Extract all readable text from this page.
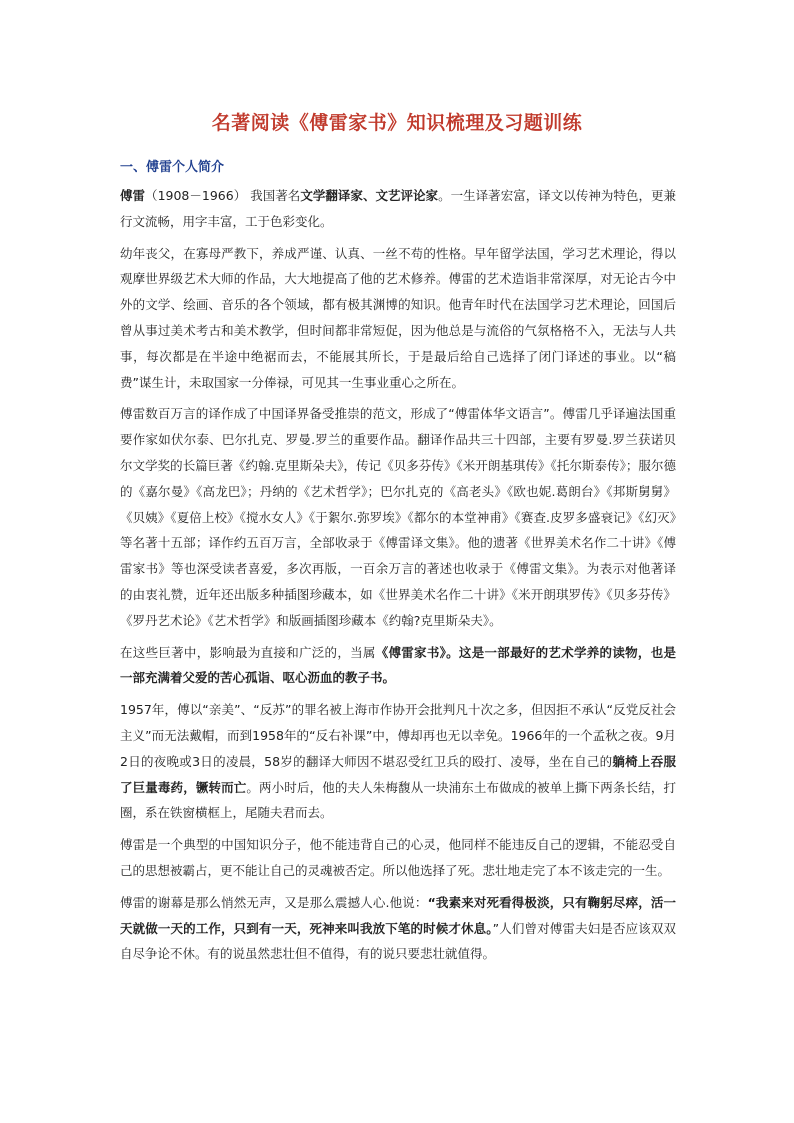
名著阅读《傅雷家书》知识梳理及习题训练
一、傅雷个人简介

傅雷（1908－1966） 我国著名文学翻译家、文艺评论家。一生译著宏富，译文以传神为特色，更兼行文流畅，用字丰富，工于色彩变化。

幼年丧父，在寡母严教下，养成严谨、认真、一丝不苟的性格。早年留学法国，学习艺术理论，得以观摩世界级艺术大师的作品，大大地提高了他的艺术修养。傅雷的艺术造诣非常深厚，对无论古今中外的文学、绘画、音乐的各个领域，都有极其渊博的知识。他青年时代在法国学习艺术理论，回国后曾从事过美术考古和美术教学，但时间都非常短促，因为他总是与流俗的气氛格格不入，无法与人共事，每次都是在半途中绝裾而去，不能展其所长，于是最后给自己选择了闭门译述的事业。以“稿费”谋生计，未取国家一分俸禄，可见其一生事业重心之所在。

傅雷数百万言的译作成了中国译界备受推崇的范文，形成了“傅雷体华文语言”。傅雷几乎译遍法国重要作家如伏尔泰、巴尔扎克、罗曼.罗兰的重要作品。翻译作品共三十四部，主要有罗曼.罗兰获诺贝尔文学奖的长篇巨著《约翰.克里斯朵夫》，传记《贝多芬传》《米开朗基琪传》《托尔斯泰传》；服尔德的《嘉尔曼》《高龙巴》；丹纳的《艺术哲学》；巴尔扎克的《高老头》《欧也妮.葛朗台》《邦斯舅舅》《贝姨》《夏倍上校》《搅水女人》《于絮尔.弥罗埃》《都尔的本堂神甫》《赛查.皮罗多盛衰记》《幻灭》等名著十五部；译作约五百万言，全部收录于《傅雷译文集》。他的遗著《世界美术名作二十讲》《傅雷家书》等也深受读者喜爱，多次再版，一百余万言的著述也收录于《傅雷文集》。为表示对他著译的由衷礼赞，近年还出版多种插图珍藏本，如《世界美术名作二十讲》《米开朗琪罗传》《贝多芬传》《罗丹艺术论》《艺术哲学》和版画插图珍藏本《约翰?克里斯朵夫》。

在这些巨著中，影响最为直接和广泛的，当属《傅雷家书》。这是一部最好的艺术学养的读物，也是一部充满着父爱的苦心孤诣、呕心沥血的教子书。

1957年，傅以“亲美”、“反苏”的罪名被上海市作协开会批判凡十次之多，但因拒不承认“反党反社会主义”而无法戴帽，而到1958年的“反右补课”中，傅却再也无以幸免。1966年的一个孟秋之夜。9月2日的夜晚或3日的凌晨，58岁的翻译大师因不堪忍受红卫兵的殴打、凌辱，坐在自己的躺椅上吞服了巨量毒药，镢转而亡。两小时后，他的夫人朱梅馥从一块浦东土布做成的被单上撕下两条长结，打圈，系在铁窗横框上，尾随夫君而去。

傅雷是一个典型的中国知识分子，他不能违背自己的心灵，他同样不能违反自己的逻辑，不能忍受自己的思想被霸占，更不能让自己的灵魂被否定。所以他选择了死。悲壮地走完了本不该走完的一生。

傅雷的谢幕是那么悄然无声，又是那么震撼人心.他说：“我素来对死看得极淡，只有鞠躬尽瘁，活一天就做一天的工作，只到有一天，死神来叫我放下笔的时候才休息。”人们曾对傅雷夫妇是否应该双双自尽争论不休。有的说虽然悲壮但不值得，有的说只要悲壮就值得。
